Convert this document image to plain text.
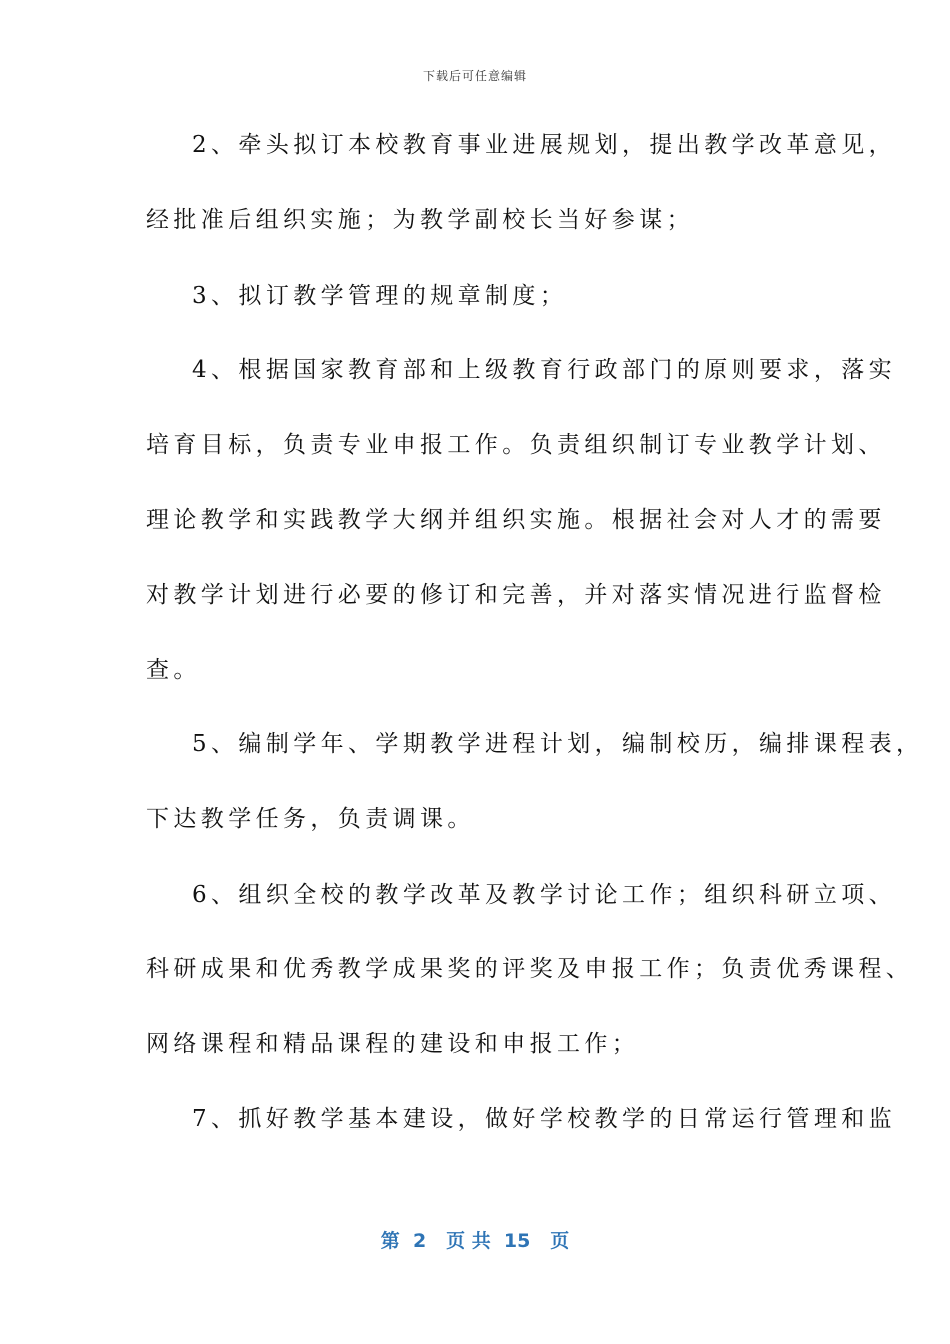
下载后可任意编辑
2、牵头拟订本校教育事业进展规划，提出教学改革意见，
经批准后组织实施；为教学副校长当好参谋；
3、拟订教学管理的规章制度；
4、根据国家教育部和上级教育行政部门的原则要求，落实
培育目标，负责专业申报工作。负责组织制订专业教学计划、
理论教学和实践教学大纲并组织实施。根据社会对人才的需要
对教学计划进行必要的修订和完善，并对落实情况进行监督检
查。
5、编制学年、学期教学进程计划，编制校历，编排课程表，
下达教学任务，负责调课。
6、组织全校的教学改革及教学讨论工作；组织科研立项、
科研成果和优秀教学成果奖的评奖及申报工作；负责优秀课程、
网络课程和精品课程的建设和申报工作；
7、抓好教学基本建设，做好学校教学的日常运行管理和监
第  2   页 共  15   页
